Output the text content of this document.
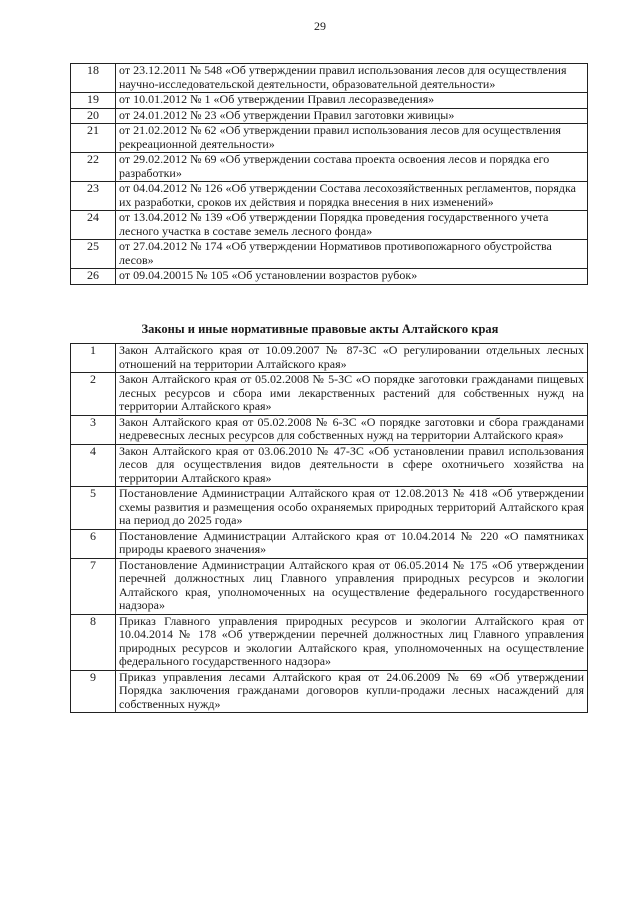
29
18	от 23.12.2011 № 548 «Об утверждении правил использования лесов для осуществления научно-исследовательской деятельности, образовательной деятельности»
19	от 10.01.2012 № 1 «Об утверждении Правил лесоразведения»
20	от 24.01.2012 № 23 «Об утверждении Правил заготовки живицы»
21	от 21.02.2012 № 62 «Об утверждении правил использования лесов для осуществления рекреационной деятельности»
22	от 29.02.2012 № 69 «Об утверждении состава проекта освоения лесов и порядка его разработки»
23	от 04.04.2012 № 126 «Об утверждении Состава лесохозяйственных регламентов, порядка их разработки, сроков их действия и порядка внесения в них изменений»
24	от 13.04.2012 № 139 «Об утверждении Порядка проведения государственного учета лесного участка в составе земель лесного фонда»
25	от 27.04.2012 № 174 «Об утверждении Нормативов противопожарного обустройства лесов»
26	от 09.04.20015 № 105 «Об установлении возрастов рубок»
Законы и иные нормативные правовые акты Алтайского края
1	Закон Алтайского края от 10.09.2007 № 87-ЗС «О регулировании отдельных лесных отношений на территории Алтайского края»
2	Закон Алтайского края от 05.02.2008 № 5-ЗС «О порядке заготовки гражданами пищевых лесных ресурсов и сбора ими лекарственных растений для собственных нужд на территории Алтайского края»
3	Закон Алтайского края от 05.02.2008 № 6-ЗС «О порядке заготовки и сбора гражданами недревесных лесных ресурсов для собственных нужд на территории Алтайского края»
4	Закон Алтайского края от 03.06.2010 № 47-ЗС «Об установлении правил использования лесов для осуществления видов деятельности в сфере охотничьего хозяйства на территории Алтайского края»
5	Постановление Администрации Алтайского края от 12.08.2013 № 418 «Об утверждении схемы развития и размещения особо охраняемых природных территорий Алтайского края на период до 2025 года»
6	Постановление Администрации Алтайского края от 10.04.2014 № 220 «О памятниках природы краевого значения»
7	Постановление Администрации Алтайского края от 06.05.2014 № 175 «Об утверждении перечней должностных лиц Главного управления природных ресурсов и экологии Алтайского края, уполномоченных на осуществление федерального государственного надзора»
8	Приказ Главного управления природных ресурсов и экологии Алтайского края от 10.04.2014 № 178 «Об утверждении перечней должностных лиц Главного управления природных ресурсов и экологии Алтайского края, уполномоченных на осуществление федерального государственного надзора»
9	Приказ управления лесами Алтайского края от 24.06.2009 № 69 «Об утверждении Порядка заключения гражданами договоров купли-продажи лесных насаждений для собственных нужд»
